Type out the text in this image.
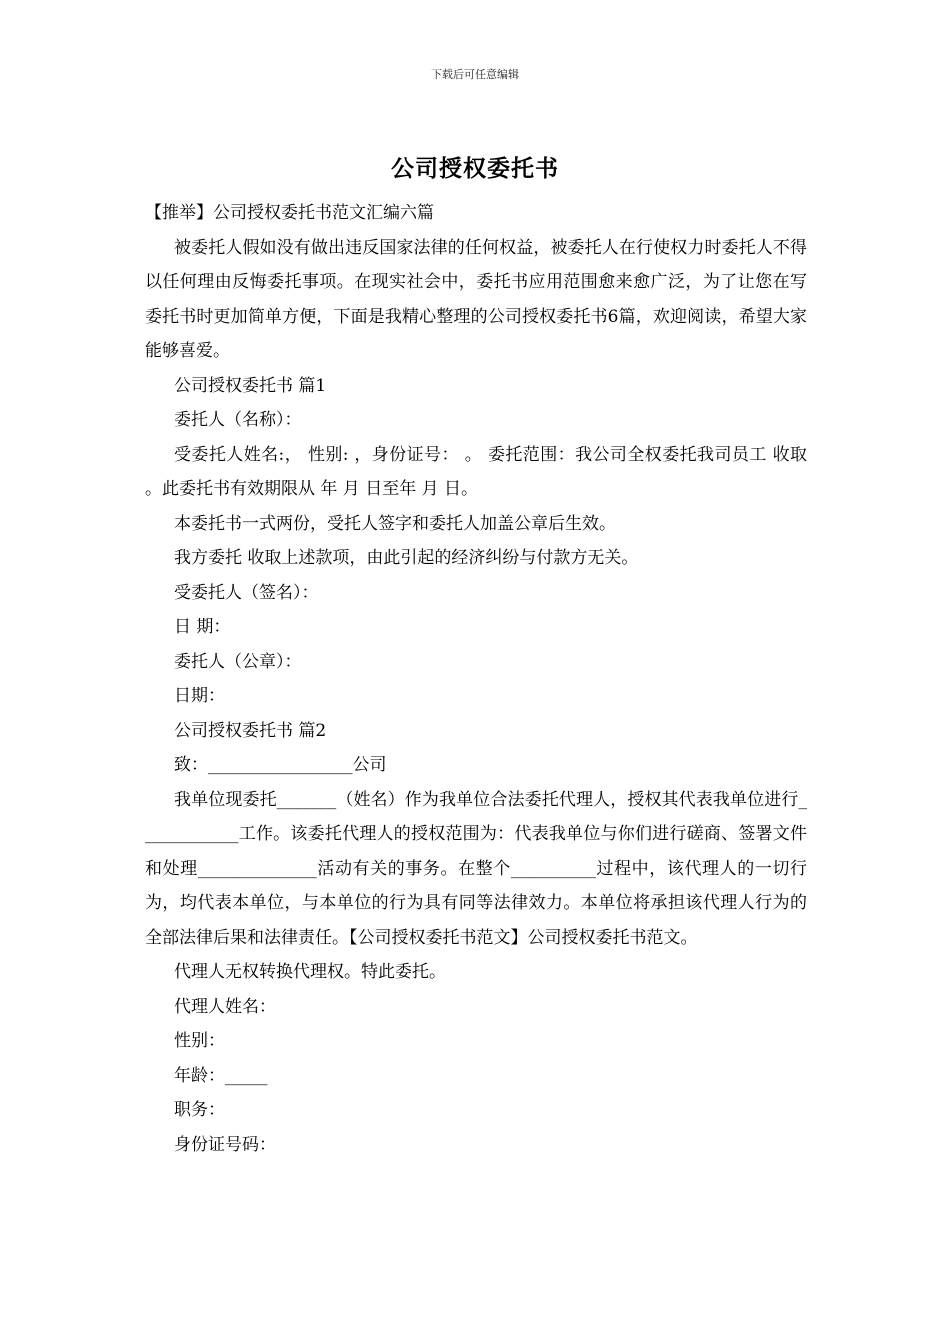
下载后可任意编辑
公司授权委托书

【推举】公司授权委托书范文汇编六篇

被委托人假如没有做出违反国家法律的任何权益，被委托人在行使权力时委托人不得以任何理由反悔委托事项。在现实社会中，委托书应用范围愈来愈广泛，为了让您在写委托书时更加简单方便，下面是我精心整理的公司授权委托书6篇，欢迎阅读，希望大家能够喜爱。

公司授权委托书 篇1

委托人（名称）：

受委托人姓名:， 性别: ，身份证号： 。 委托范围：我公司全权委托我司员工 收取 。此委托书有效期限从 年 月 日至年 月 日。

本委托书一式两份，受托人签字和委托人加盖公章后生效。

我方委托 收取上述款项，由此引起的经济纠纷与付款方无关。

受委托人（签名）：

日 期：

委托人（公章）：

日期：

公司授权委托书 篇2

致：_________________公司

我单位现委托_______（姓名）作为我单位合法委托代理人，授权其代表我单位进行____________工作。该委托代理人的授权范围为：代表我单位与你们进行磋商、签署文件和处理______________活动有关的事务。在整个__________过程中，该代理人的一切行为，均代表本单位，与本单位的行为具有同等法律效力。本单位将承担该代理人行为的全部法律后果和法律责任。【公司授权委托书范文】公司授权委托书范文。

代理人无权转换代理权。特此委托。

代理人姓名：

性别：

年龄：_____

职务：

身份证号码：
